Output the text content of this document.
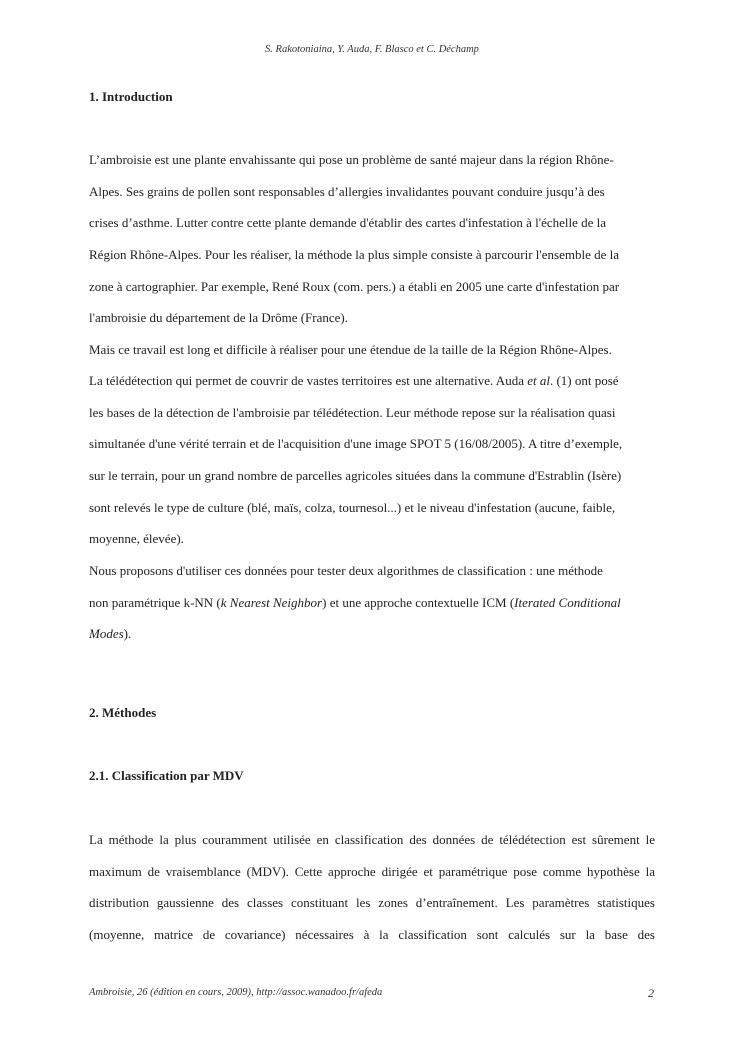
S. Rakotoniaina, Y. Auda, F. Blasco et C. Déchamp
1. Introduction
L’ambroisie est une plante envahissante qui pose un problème de santé majeur dans la région Rhône-
Alpes. Ses grains de pollen sont responsables d’allergies invalidantes pouvant conduire jusqu’à des
crises d’asthme. Lutter contre cette plante demande d'établir des cartes d'infestation à l'échelle de la
Région Rhône-Alpes. Pour les réaliser, la méthode la plus simple consiste à parcourir l'ensemble de la
zone à cartographier. Par exemple, René Roux (com. pers.) a établi en 2005 une carte d'infestation par
l'ambroisie du département de la Drôme (France).
Mais ce travail est long et difficile à réaliser pour une étendue de la taille de la Région Rhône-Alpes.
La télédétection qui permet de couvrir de vastes territoires est une alternative. Auda et al. (1) ont posé
les bases de la détection de l'ambroisie par télédétection. Leur méthode repose sur la réalisation quasi
simultanée d'une vérité terrain et de l'acquisition d'une image SPOT 5 (16/08/2005). A titre d’exemple,
sur le terrain, pour un grand nombre de parcelles agricoles situées dans la commune d'Estrablin (Isère)
sont relevés le type de culture (blé, maïs, colza, tournesol...) et le niveau d'infestation (aucune, faible,
moyenne, élevée).
Nous proposons d'utiliser ces données pour tester deux algorithmes de classification : une méthode
non paramétrique k-NN (k Nearest Neighbor) et une approche contextuelle ICM (Iterated Conditional
Modes).
2. Méthodes
2.1. Classification par MDV
La méthode la plus couramment utilisée en classification des données de télédétection est sûrement le
maximum de vraisemblance (MDV). Cette approche dirigée et paramétrique pose comme hypothèse la
distribution gaussienne des classes constituant les zones d’entraînement. Les paramètres statistiques
(moyenne, matrice de covariance) nécessaires à la classification sont calculés sur la base des
Ambroisie, 26 (édition en cours, 2009), http://assoc.wanadoo.fr/afeda	2
